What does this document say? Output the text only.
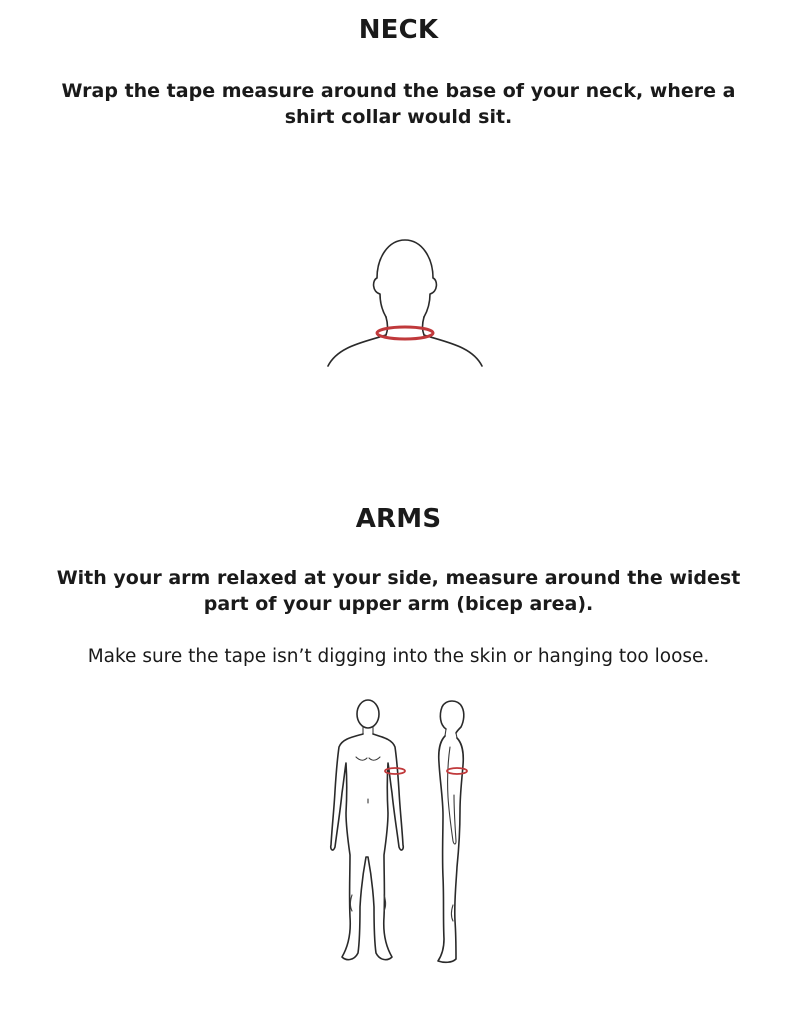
NECK

Wrap the tape measure around the base of your neck, where a shirt collar would sit.

ARMS

With your arm relaxed at your side, measure around the widest part of your upper arm (bicep area).

Make sure the tape isn’t digging into the skin or hanging too loose.
